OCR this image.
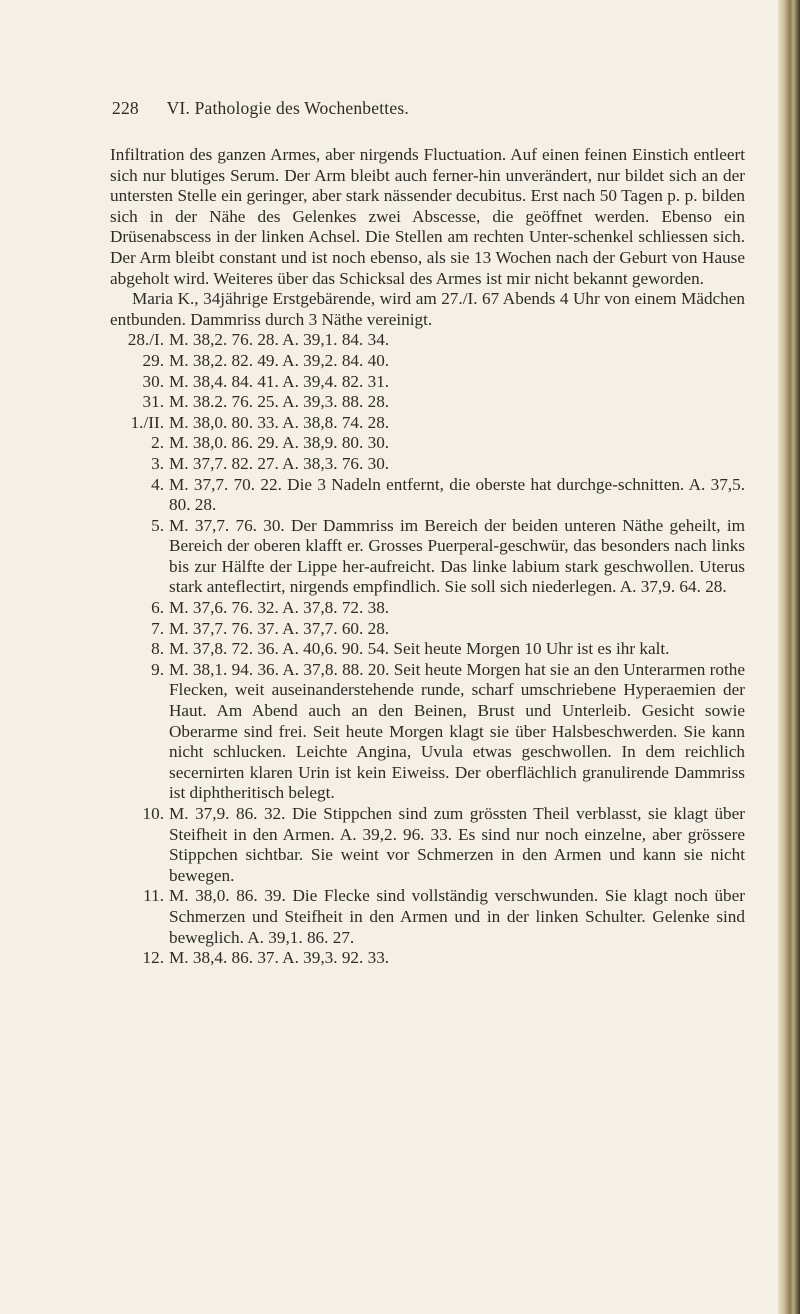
228 VI. Pathologie des Wochenbettes.

Infiltration des ganzen Armes, aber nirgends Fluctuation. Auf einen feinen Einstich entleert sich nur blutiges Serum. Der Arm bleibt auch ferner-hin unverändert, nur bildet sich an der untersten Stelle ein geringer, aber stark nässender decubitus. Erst nach 50 Tagen p. p. bilden sich in der Nähe des Gelenkes zwei Abscesse, die geöffnet werden. Ebenso ein Drüsenabscess in der linken Achsel. Die Stellen am rechten Unter-schenkel schliessen sich. Der Arm bleibt constant und ist noch ebenso, als sie 13 Wochen nach der Geburt von Hause abgeholt wird. Weiteres über das Schicksal des Armes ist mir nicht bekannt geworden.

Maria K., 34jährige Erstgebärende, wird am 27./I. 67 Abends 4 Uhr von einem Mädchen entbunden. Dammriss durch 3 Näthe vereinigt.

28./I. M. 38,2. 76. 28. A. 39,1. 84. 34.
29. M. 38,2. 82. 49. A. 39,2. 84. 40.
30. M. 38,4. 84. 41. A. 39,4. 82. 31.
31. M. 38.2. 76. 25. A. 39,3. 88. 28.
1./II. M. 38,0. 80. 33. A. 38,8. 74. 28.
2. M. 38,0. 86. 29. A. 38,9. 80. 30.
3. M. 37,7. 82. 27. A. 38,3. 76. 30.
4. M. 37,7. 70. 22. Die 3 Nadeln entfernt, die oberste hat durchge-schnitten. A. 37,5. 80. 28.
5. M. 37,7. 76. 30. Der Dammriss im Bereich der beiden unteren Näthe geheilt, im Bereich der oberen klafft er. Grosses Puerperal-geschwür, das besonders nach links bis zur Hälfte der Lippe her-aufreicht. Das linke labium stark geschwollen. Uterus stark anteflectirt, nirgends empfindlich. Sie soll sich niederlegen. A. 37,9. 64. 28.
6. M. 37,6. 76. 32. A. 37,8. 72. 38.
7. M. 37,7. 76. 37. A. 37,7. 60. 28.
8. M. 37,8. 72. 36. A. 40,6. 90. 54. Seit heute Morgen 10 Uhr ist es ihr kalt.
9. M. 38,1. 94. 36. A. 37,8. 88. 20. Seit heute Morgen hat sie an den Unterarmen rothe Flecken, weit auseinanderstehende runde, scharf umschriebene Hyperaemien der Haut. Am Abend auch an den Beinen, Brust und Unterleib. Gesicht sowie Oberarme sind frei. Seit heute Morgen klagt sie über Halsbeschwerden. Sie kann nicht schlucken. Leichte Angina, Uvula etwas geschwollen. In dem reichlich secernirten klaren Urin ist kein Eiweiss. Der oberflächlich granulirende Dammriss ist diphtheritisch belegt.
10. M. 37,9. 86. 32. Die Stippchen sind zum grössten Theil verblasst, sie klagt über Steifheit in den Armen. A. 39,2. 96. 33. Es sind nur noch einzelne, aber grössere Stippchen sichtbar. Sie weint vor Schmerzen in den Armen und kann sie nicht bewegen.
11. M. 38,0. 86. 39. Die Flecke sind vollständig verschwunden. Sie klagt noch über Schmerzen und Steifheit in den Armen und in der linken Schulter. Gelenke sind beweglich. A. 39,1. 86. 27.
12. M. 38,4. 86. 37. A. 39,3. 92. 33.
